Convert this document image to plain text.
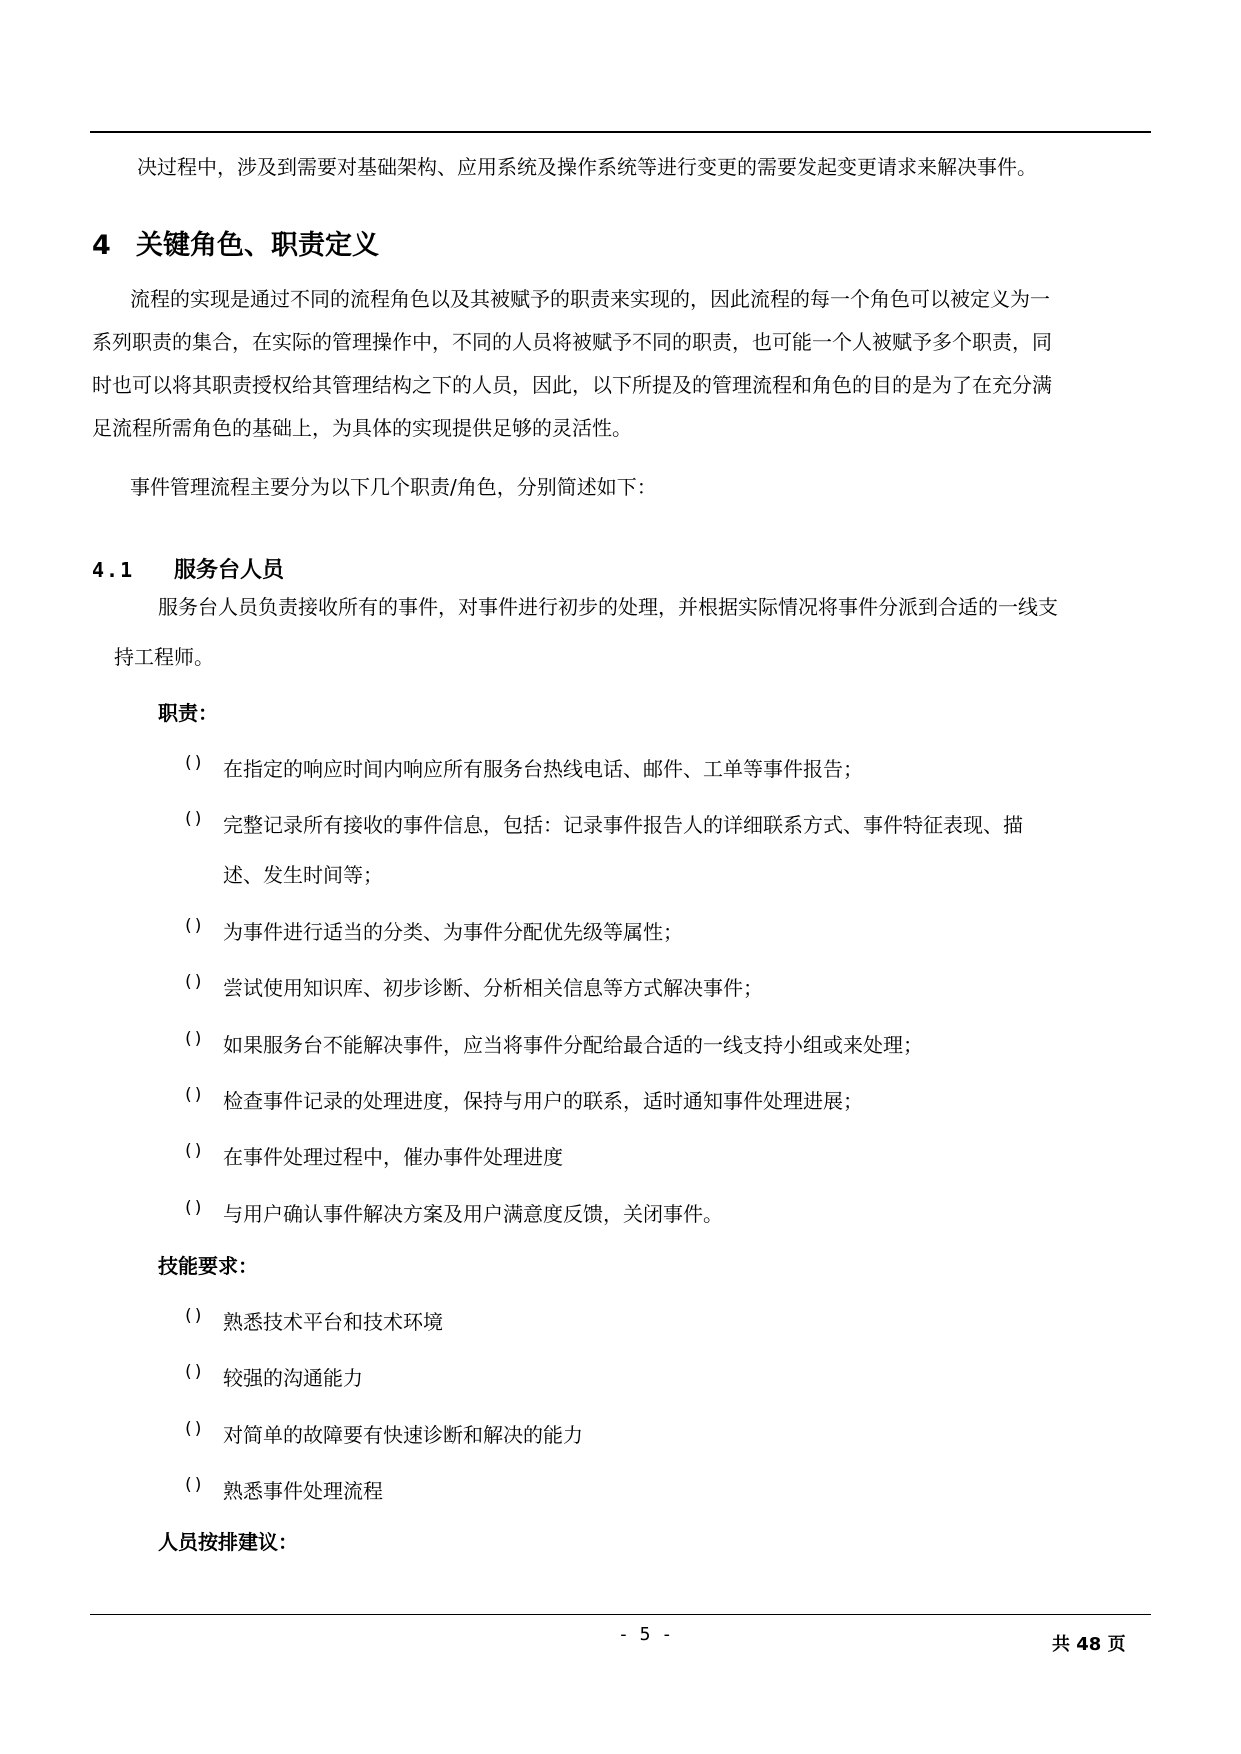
决过程中，涉及到需要对基础架构、应用系统及操作系统等进行变更的需要发起变更请求来解决事件。
4 关键角色、职责定义
流程的实现是通过不同的流程角色以及其被赋予的职责来实现的，因此流程的每一个角色可以被定义为一
系列职责的集合，在实际的管理操作中，不同的人员将被赋予不同的职责，也可能一个人被赋予多个职责，同
时也可以将其职责授权给其管理结构之下的人员，因此，以下所提及的管理流程和角色的目的是为了在充分满
足流程所需角色的基础上，为具体的实现提供足够的灵活性。
事件管理流程主要分为以下几个职责/角色，分别简述如下：
4.1 服务台人员
服务台人员负责接收所有的事件，对事件进行初步的处理，并根据实际情况将事件分派到合适的一线支
持工程师。
职责：
() 在指定的响应时间内响应所有服务台热线电话、邮件、工单等事件报告；
() 完整记录所有接收的事件信息，包括：记录事件报告人的详细联系方式、事件特征表现、描
述、发生时间等；
() 为事件进行适当的分类、为事件分配优先级等属性；
() 尝试使用知识库、初步诊断、分析相关信息等方式解决事件；
() 如果服务台不能解决事件，应当将事件分配给最合适的一线支持小组或来处理；
() 检查事件记录的处理进度，保持与用户的联系，适时通知事件处理进展；
() 在事件处理过程中，催办事件处理进度
() 与用户确认事件解决方案及用户满意度反馈，关闭事件。
技能要求：
() 熟悉技术平台和技术环境
() 较强的沟通能力
() 对简单的故障要有快速诊断和解决的能力
() 熟悉事件处理流程
人员按排建议：
- 5 -	共 48 页
